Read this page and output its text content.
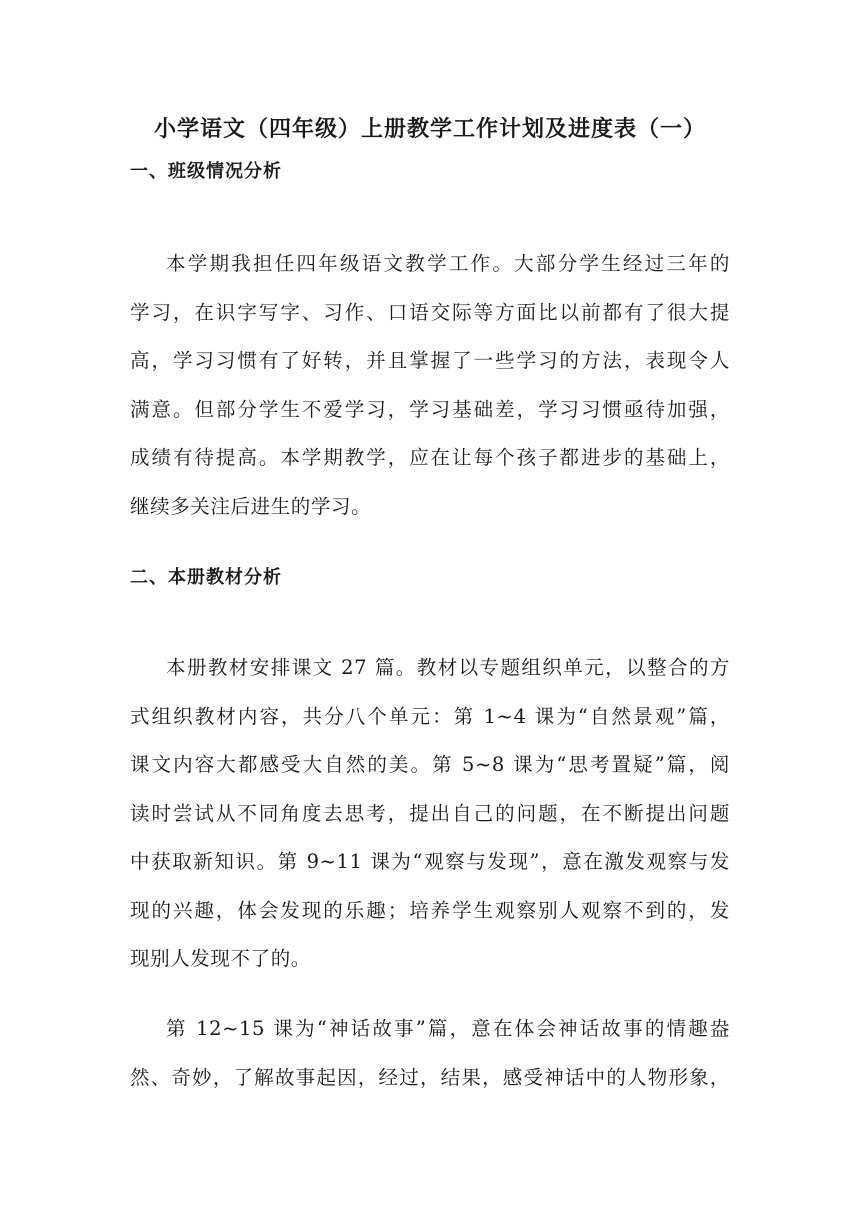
小学语文（四年级）上册教学工作计划及进度表（一）
一、班级情况分析
本学期我担任四年级语文教学工作。大部分学生经过三年的
学习，在识字写字、习作、口语交际等方面比以前都有了很大提
高，学习习惯有了好转，并且掌握了一些学习的方法，表现令人
满意。但部分学生不爱学习，学习基础差，学习习惯亟待加强，
成绩有待提高。本学期教学，应在让每个孩子都进步的基础上，
继续多关注后进生的学习。
二、本册教材分析
本册教材安排课文 27 篇。教材以专题组织单元，以整合的方
式组织教材内容，共分八个单元：第 1~4 课为“自然景观”篇，
课文内容大都感受大自然的美。第 5~8 课为“思考置疑”篇，阅
读时尝试从不同角度去思考，提出自己的问题，在不断提出问题
中获取新知识。第 9~11 课为“观察与发现”，意在激发观察与发
现的兴趣，体会发现的乐趣；培养学生观察别人观察不到的，发
现别人发现不了的。
第 12~15 课为“神话故事”篇，意在体会神话故事的情趣盎
然、奇妙，了解故事起因，经过，结果，感受神话中的人物形象，
